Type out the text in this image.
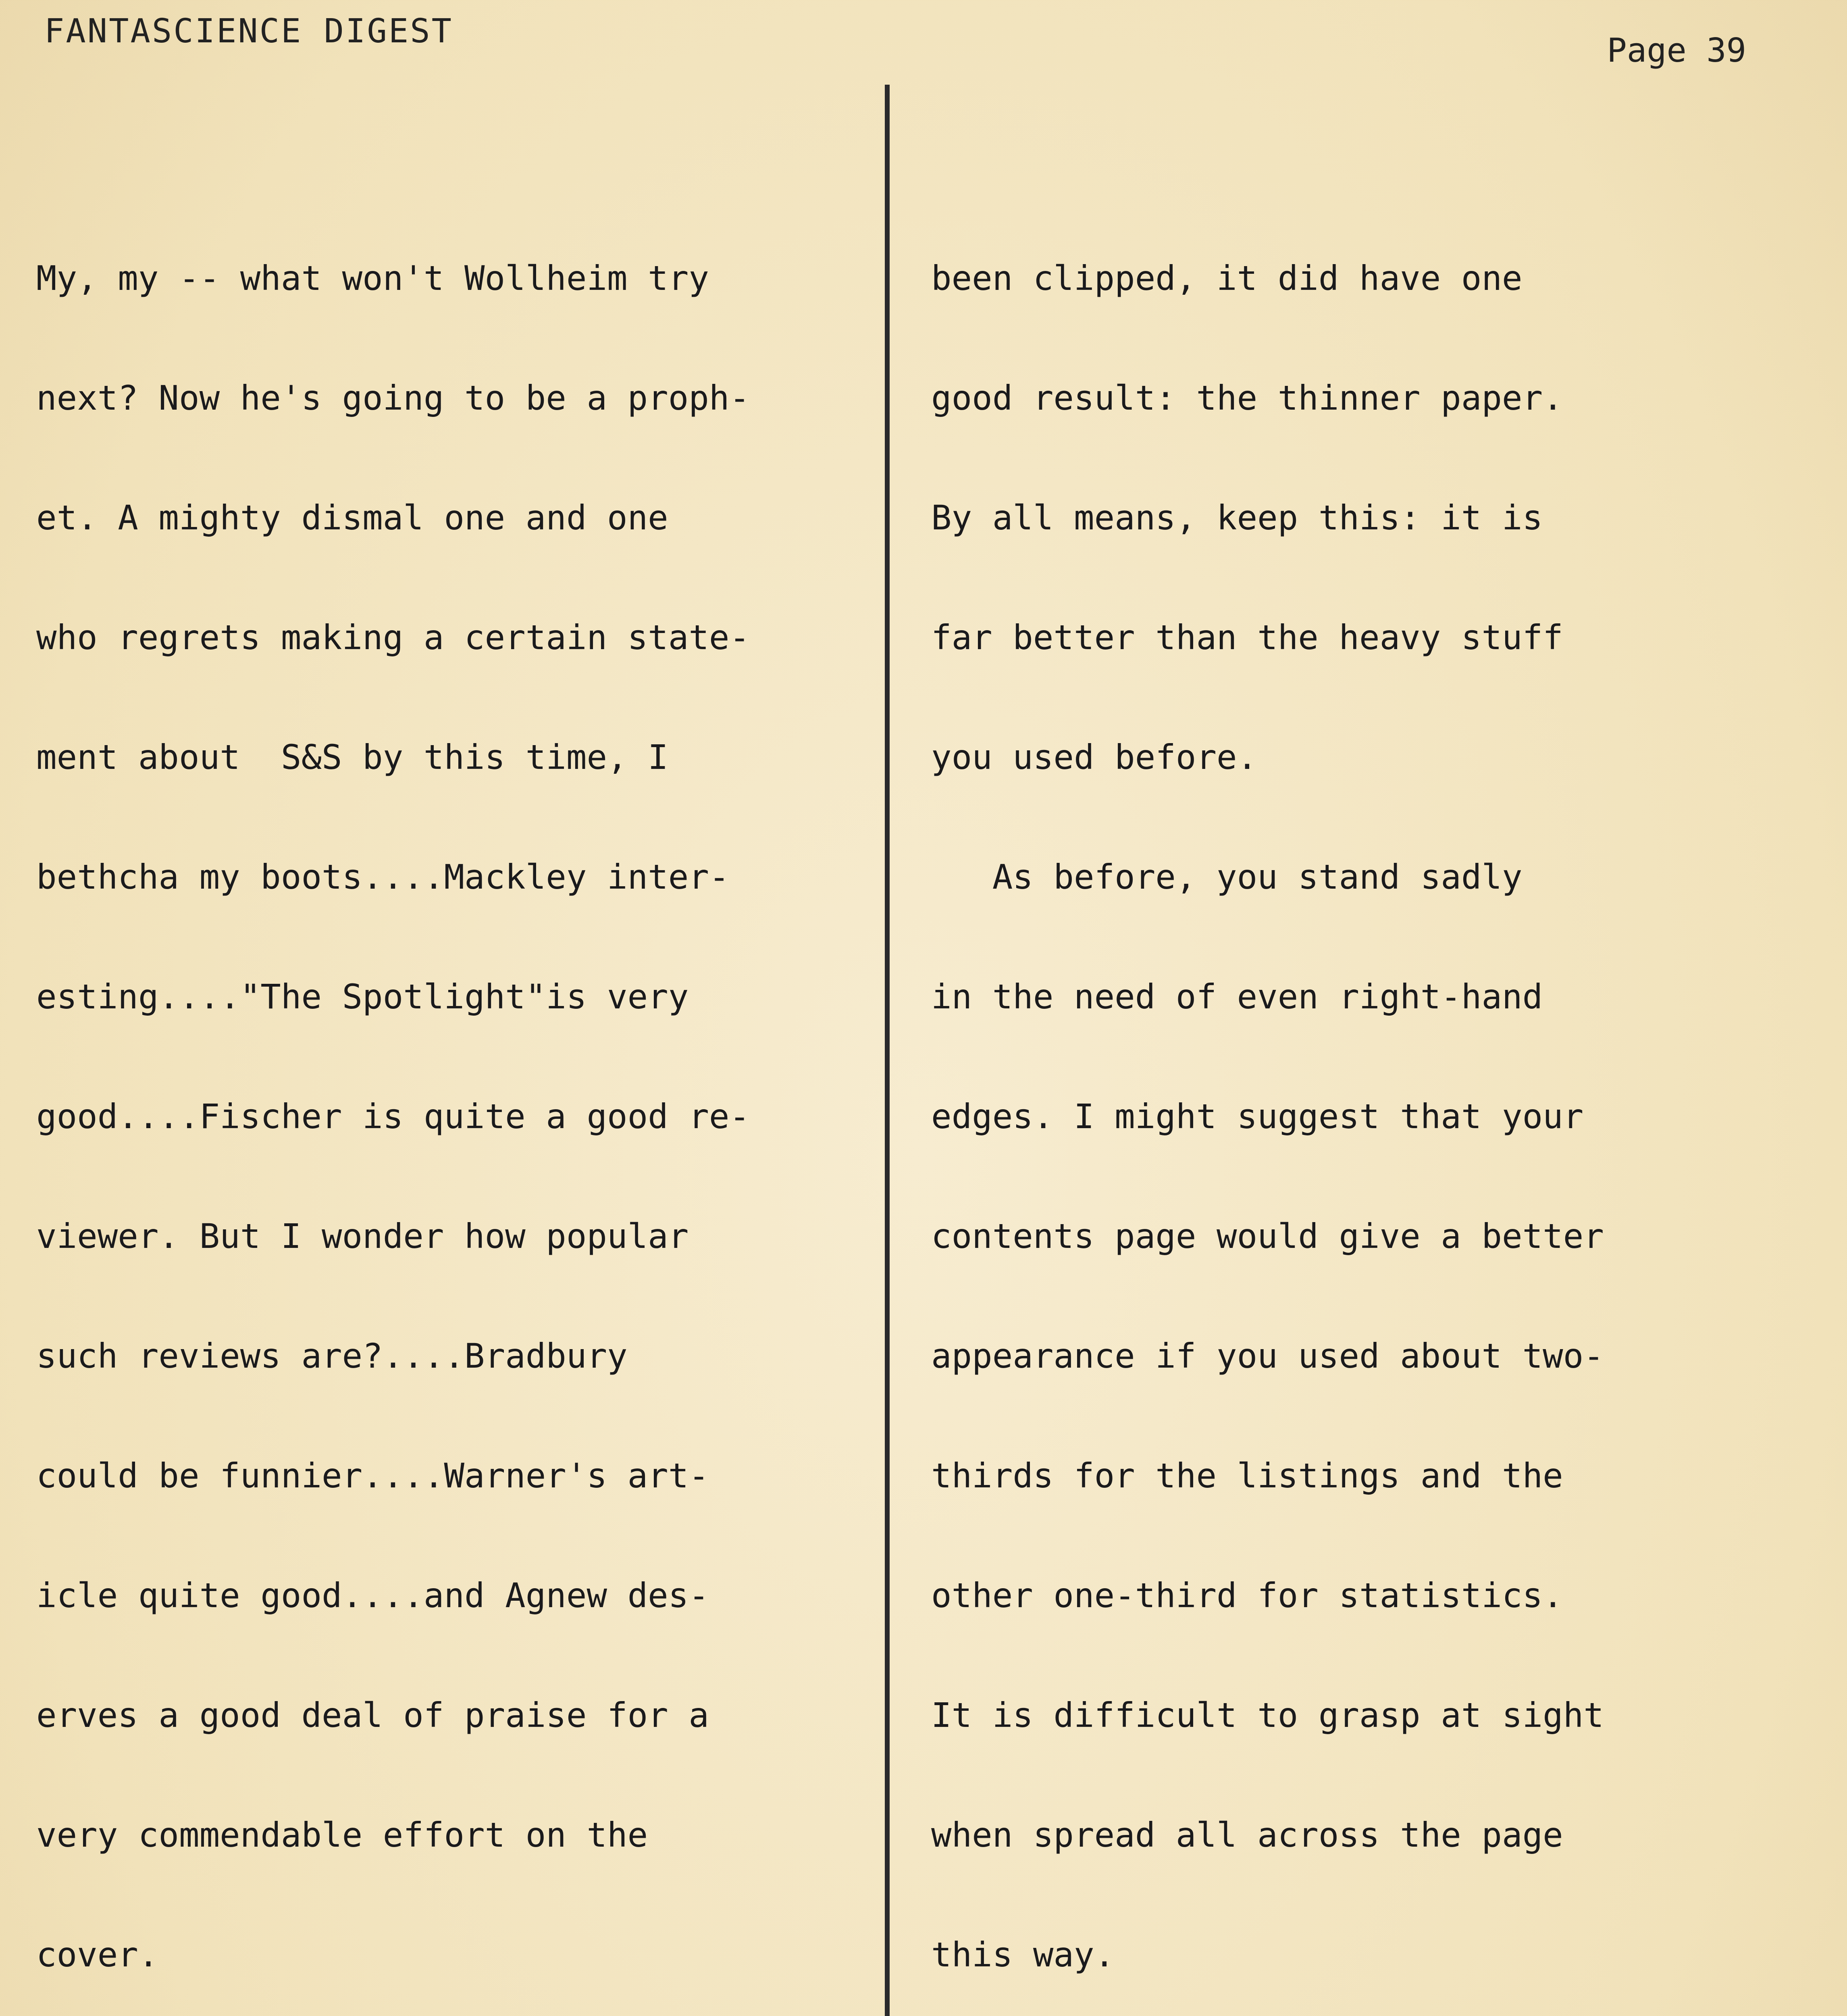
FANTASCIENCE DIGEST
Page 39

My, my -- what won't Wollheim try

next? Now he's going to be a proph-

et. A mighty dismal one and one

who regrets making a certain state-

ment about  S&S by this time, I

bethcha my boots....Mackley inter-

esting...."The Spotlight"is very

good....Fischer is quite a good re-

viewer. But I wonder how popular

such reviews are?....Bradbury

could be funnier....Warner's art-

icle quite good....and Agnew des-

erves a good deal of praise for a

very commendable effort on the

cover.

been clipped, it did have one

good result: the thinner paper.

By all means, keep this: it is

far better than the heavy stuff

you used before.

As before, you stand sadly

in the need of even right-hand

edges. I might suggest that your

contents page would give a better

appearance if you used about two-

thirds for the listings and the

other one-third for statistics.

It is difficult to grasp at sight

when spread all across the page

this way.
